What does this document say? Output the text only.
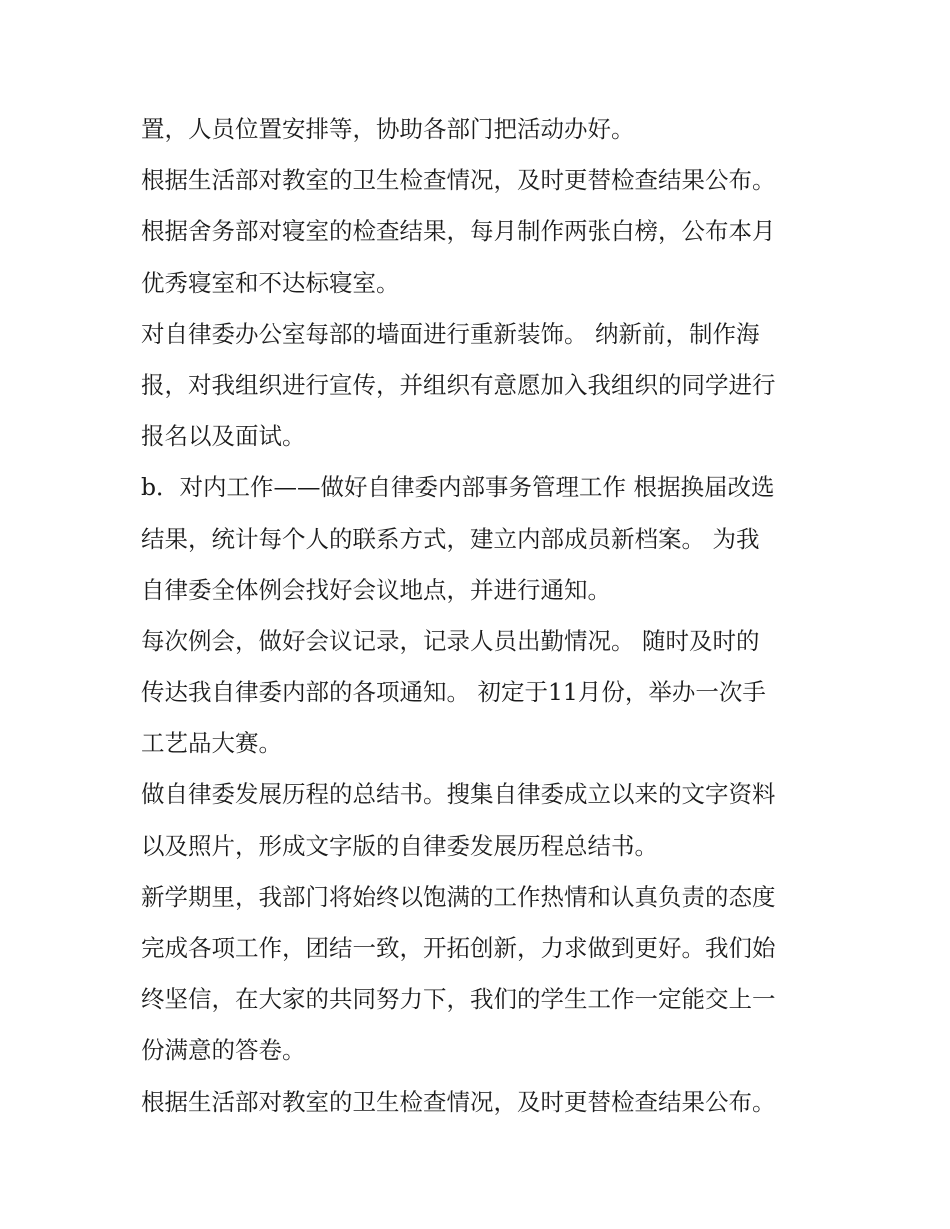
置，人员位置安排等，协助各部门把活动办好。
根据生活部对教室的卫生检查情况，及时更替检查结果公布。
根据舍务部对寝室的检查结果，每月制作两张白榜，公布本月
优秀寝室和不达标寝室。
对自律委办公室每部的墙面进行重新装饰。 纳新前，制作海
报，对我组织进行宣传，并组织有意愿加入我组织的同学进行
报名以及面试。
b．对内工作——做好自律委内部事务管理工作 根据换届改选
结果，统计每个人的联系方式，建立内部成员新档案。 为我
自律委全体例会找好会议地点，并进行通知。
每次例会，做好会议记录，记录人员出勤情况。 随时及时的
传达我自律委内部的各项通知。 初定于11月份，举办一次手
工艺品大赛。
做自律委发展历程的总结书。搜集自律委成立以来的文字资料
以及照片，形成文字版的自律委发展历程总结书。
新学期里，我部门将始终以饱满的工作热情和认真负责的态度
完成各项工作，团结一致，开拓创新，力求做到更好。我们始
终坚信，在大家的共同努力下，我们的学生工作一定能交上一
份满意的答卷。
根据生活部对教室的卫生检查情况，及时更替检查结果公布。
